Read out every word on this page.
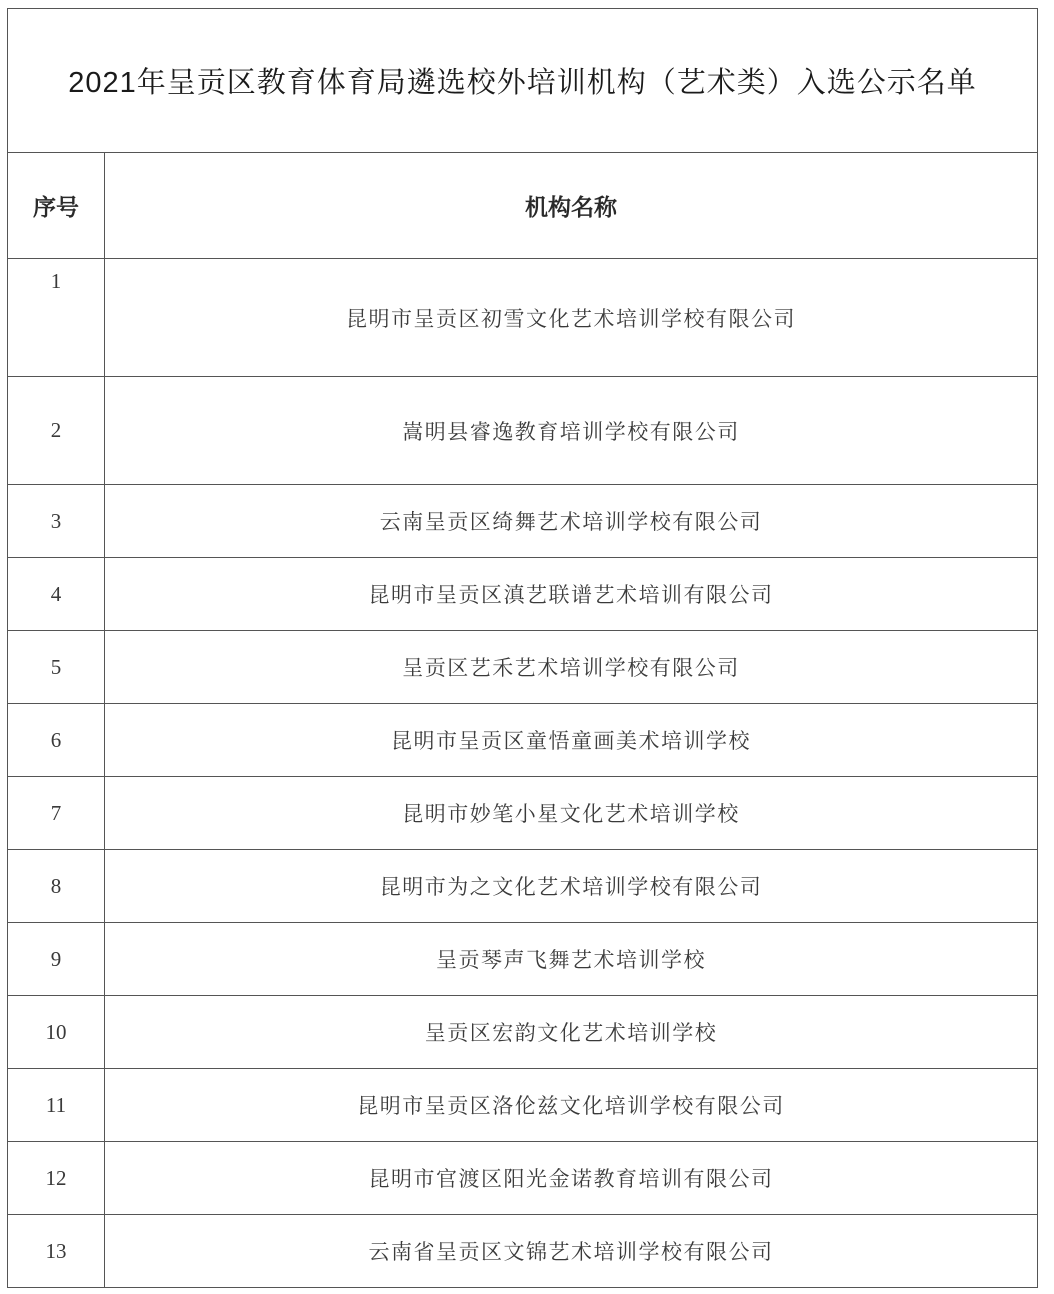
2021年呈贡区教育体育局遴选校外培训机构（艺术类）入选公示名单	
序号	机构名称
1	昆明市呈贡区初雪文化艺术培训学校有限公司
2	嵩明县睿逸教育培训学校有限公司
3	云南呈贡区绮舞艺术培训学校有限公司
4	昆明市呈贡区滇艺联谱艺术培训有限公司
5	呈贡区艺禾艺术培训学校有限公司
6	昆明市呈贡区童悟童画美术培训学校
7	昆明市妙笔小星文化艺术培训学校
8	昆明市为之文化艺术培训学校有限公司
9	呈贡琴声飞舞艺术培训学校
10	呈贡区宏韵文化艺术培训学校
11	昆明市呈贡区洛伦兹文化培训学校有限公司
12	昆明市官渡区阳光金诺教育培训有限公司
13	云南省呈贡区文锦艺术培训学校有限公司
